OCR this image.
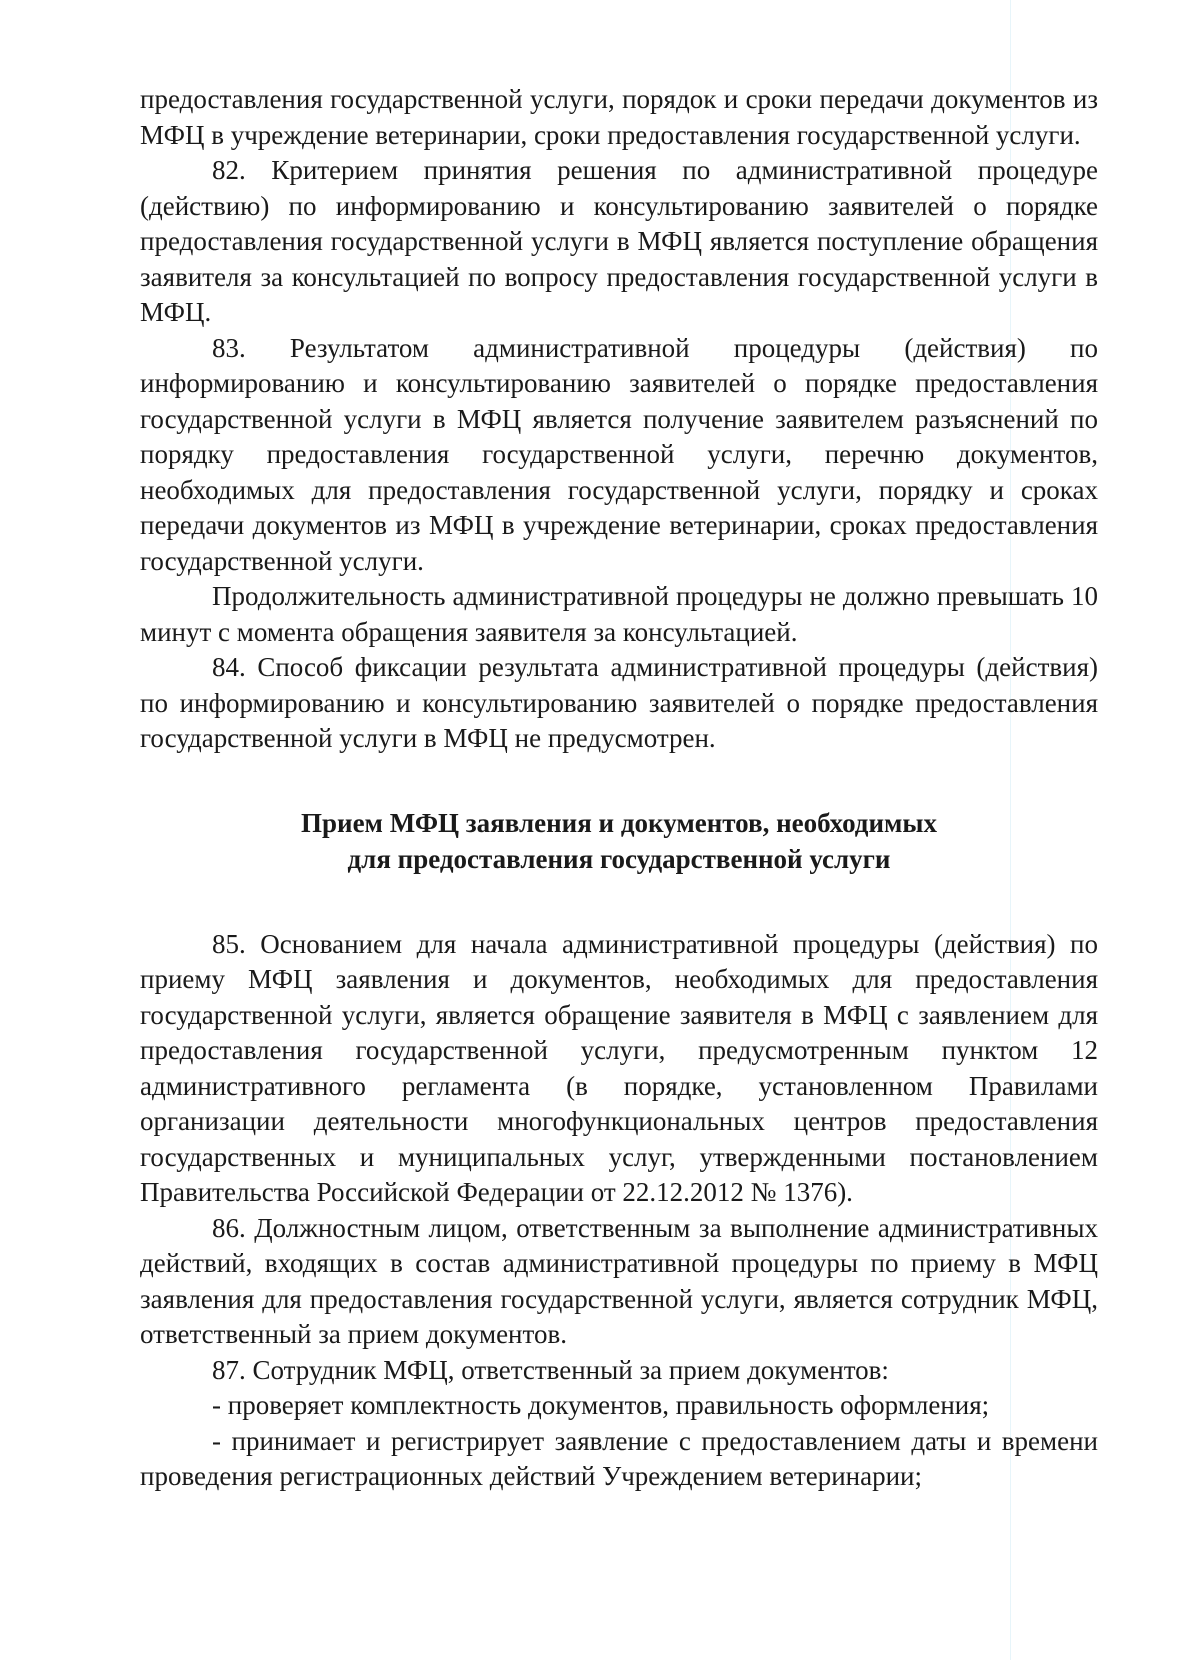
предоставления государственной услуги, порядок и сроки передачи документов из МФЦ в учреждение ветеринарии, сроки предоставления государственной услуги.

82. Критерием принятия решения по административной процедуре (действию) по информированию и консультированию заявителей о порядке предоставления государственной услуги в МФЦ является поступление обращения заявителя за консультацией по вопросу предоставления государственной услуги в МФЦ.

83. Результатом административной процедуры (действия) по информированию и консультированию заявителей о порядке предоставления государственной услуги в МФЦ является получение заявителем разъяснений по порядку предоставления государственной услуги, перечню документов, необходимых для предоставления государственной услуги, порядку и сроках передачи документов из МФЦ в учреждение ветеринарии, сроках предоставления государственной услуги.

Продолжительность административной процедуры не должно превышать 10 минут с момента обращения заявителя за консультацией.

84. Способ фиксации результата административной процедуры (действия) по информированию и консультированию заявителей о порядке предоставления государственной услуги в МФЦ не предусмотрен.

Прием МФЦ заявления и документов, необходимых
для предоставления государственной услуги

85. Основанием для начала административной процедуры (действия) по приему МФЦ заявления и документов, необходимых для предоставления государственной услуги, является обращение заявителя в МФЦ с заявлением для предоставления государственной услуги, предусмотренным пунктом 12 административного регламента (в порядке, установленном Правилами организации деятельности многофункциональных центров предоставления государственных и муниципальных услуг, утвержденными постановлением Правительства Российской Федерации от 22.12.2012 № 1376).

86. Должностным лицом, ответственным за выполнение административных действий, входящих в состав административной процедуры по приему в МФЦ заявления для предоставления государственной услуги, является сотрудник МФЦ, ответственный за прием документов.

87. Сотрудник МФЦ, ответственный за прием документов:

- проверяет комплектность документов, правильность оформления;

- принимает и регистрирует заявление с предоставлением даты и времени проведения регистрационных действий Учреждением ветеринарии;
